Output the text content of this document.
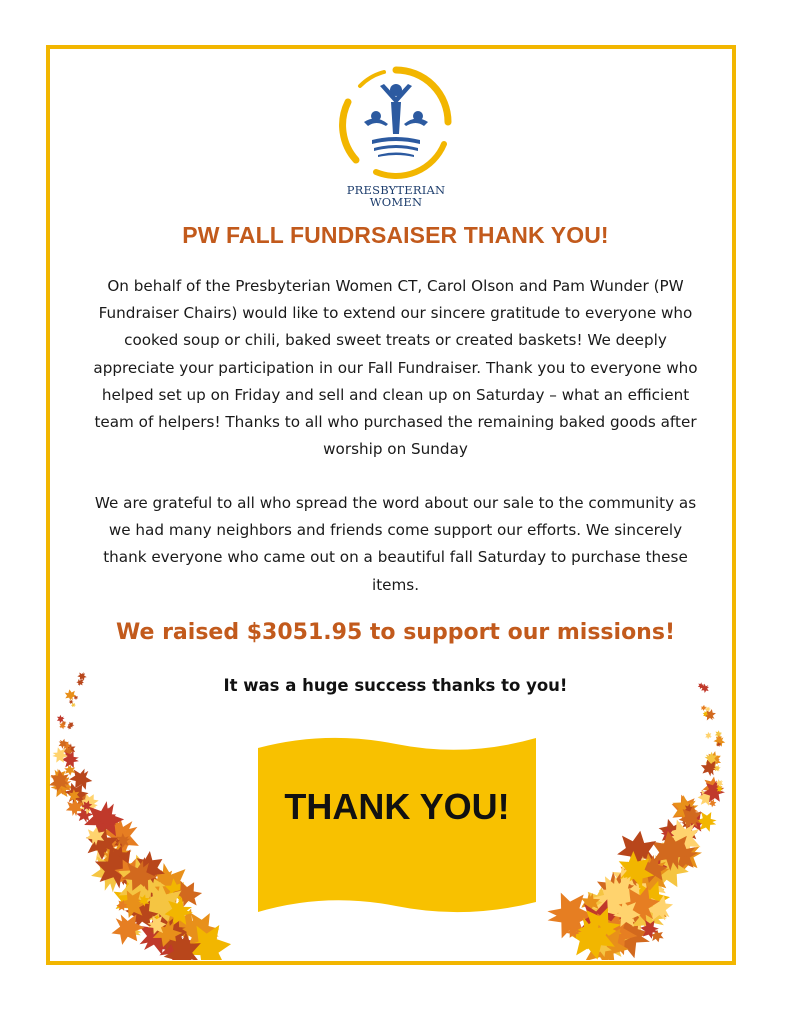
PRESBYTERIAN
WOMEN
PW FALL FUNDRSAISER THANK YOU!

On behalf of the Presbyterian Women CT, Carol Olson and Pam Wunder (PW Fundraiser Chairs) would like to extend our sincere gratitude to everyone who cooked soup or chili, baked sweet treats or created baskets! We deeply appreciate your participation in our Fall Fundraiser. Thank you to everyone who helped set up on Friday and sell and clean up on Saturday – what an efficient team of helpers! Thanks to all who purchased the remaining baked goods after worship on Sunday

We are grateful to all who spread the word about our sale to the community as we had many neighbors and friends come support our efforts. We sincerely thank everyone who came out on a beautiful fall Saturday to purchase these items.

We raised $3051.95 to support our missions!
It was a huge success thanks to you!
THANK YOU!
